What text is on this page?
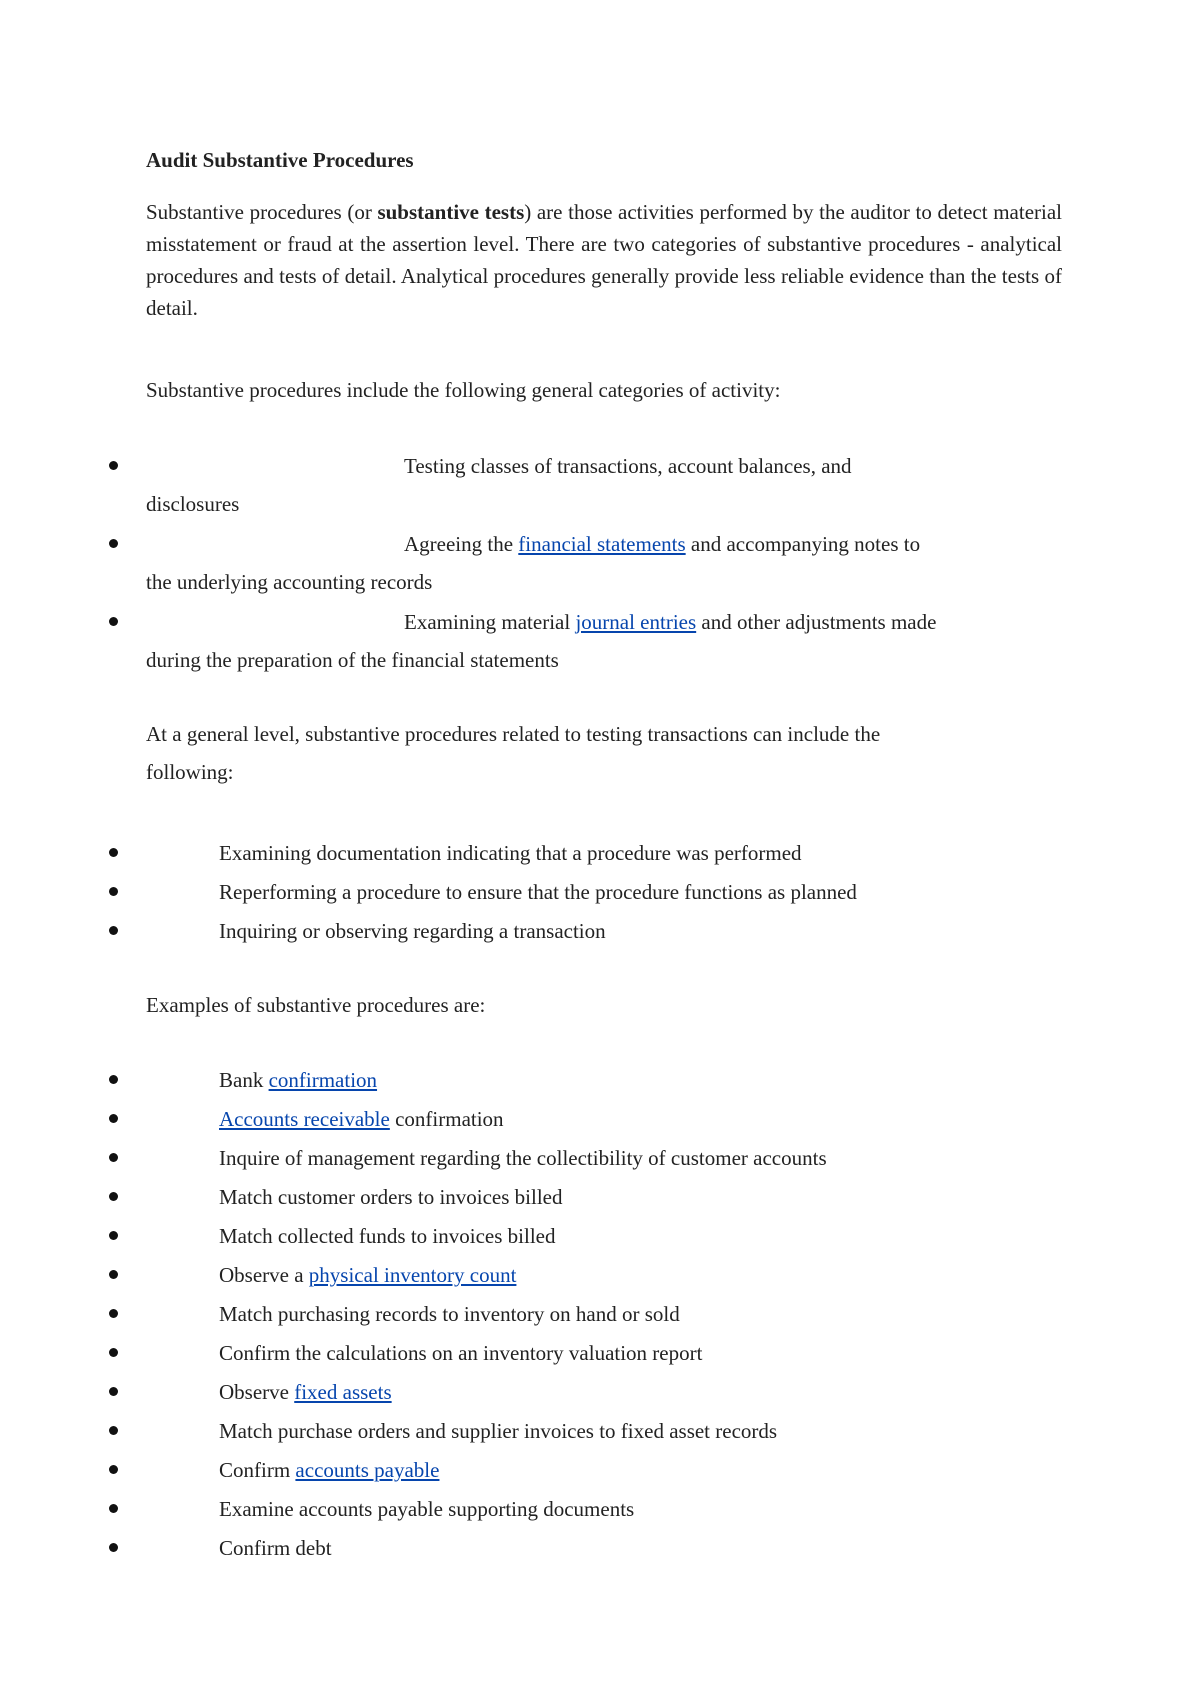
Audit Substantive Procedures
Substantive procedures (or substantive tests) are those activities performed by the auditor to detect material misstatement or fraud at the assertion level. There are two categories of substantive procedures - analytical procedures and tests of detail. Analytical procedures generally provide less reliable evidence than the tests of detail.
Substantive procedures include the following general categories of activity:
Testing classes of transactions, account balances, and
disclosures
Agreeing the financial statements and accompanying notes to
the underlying accounting records
Examining material journal entries and other adjustments made
during the preparation of the financial statements
At a general level, substantive procedures related to testing transactions can include the
following:
Examining documentation indicating that a procedure was performed
Reperforming a procedure to ensure that the procedure functions as planned
Inquiring or observing regarding a transaction
Examples of substantive procedures are:
Bank confirmation
Accounts receivable confirmation
Inquire of management regarding the collectibility of customer accounts
Match customer orders to invoices billed
Match collected funds to invoices billed
Observe a physical inventory count
Match purchasing records to inventory on hand or sold
Confirm the calculations on an inventory valuation report
Observe fixed assets
Match purchase orders and supplier invoices to fixed asset records
Confirm accounts payable
Examine accounts payable supporting documents
Confirm debt
